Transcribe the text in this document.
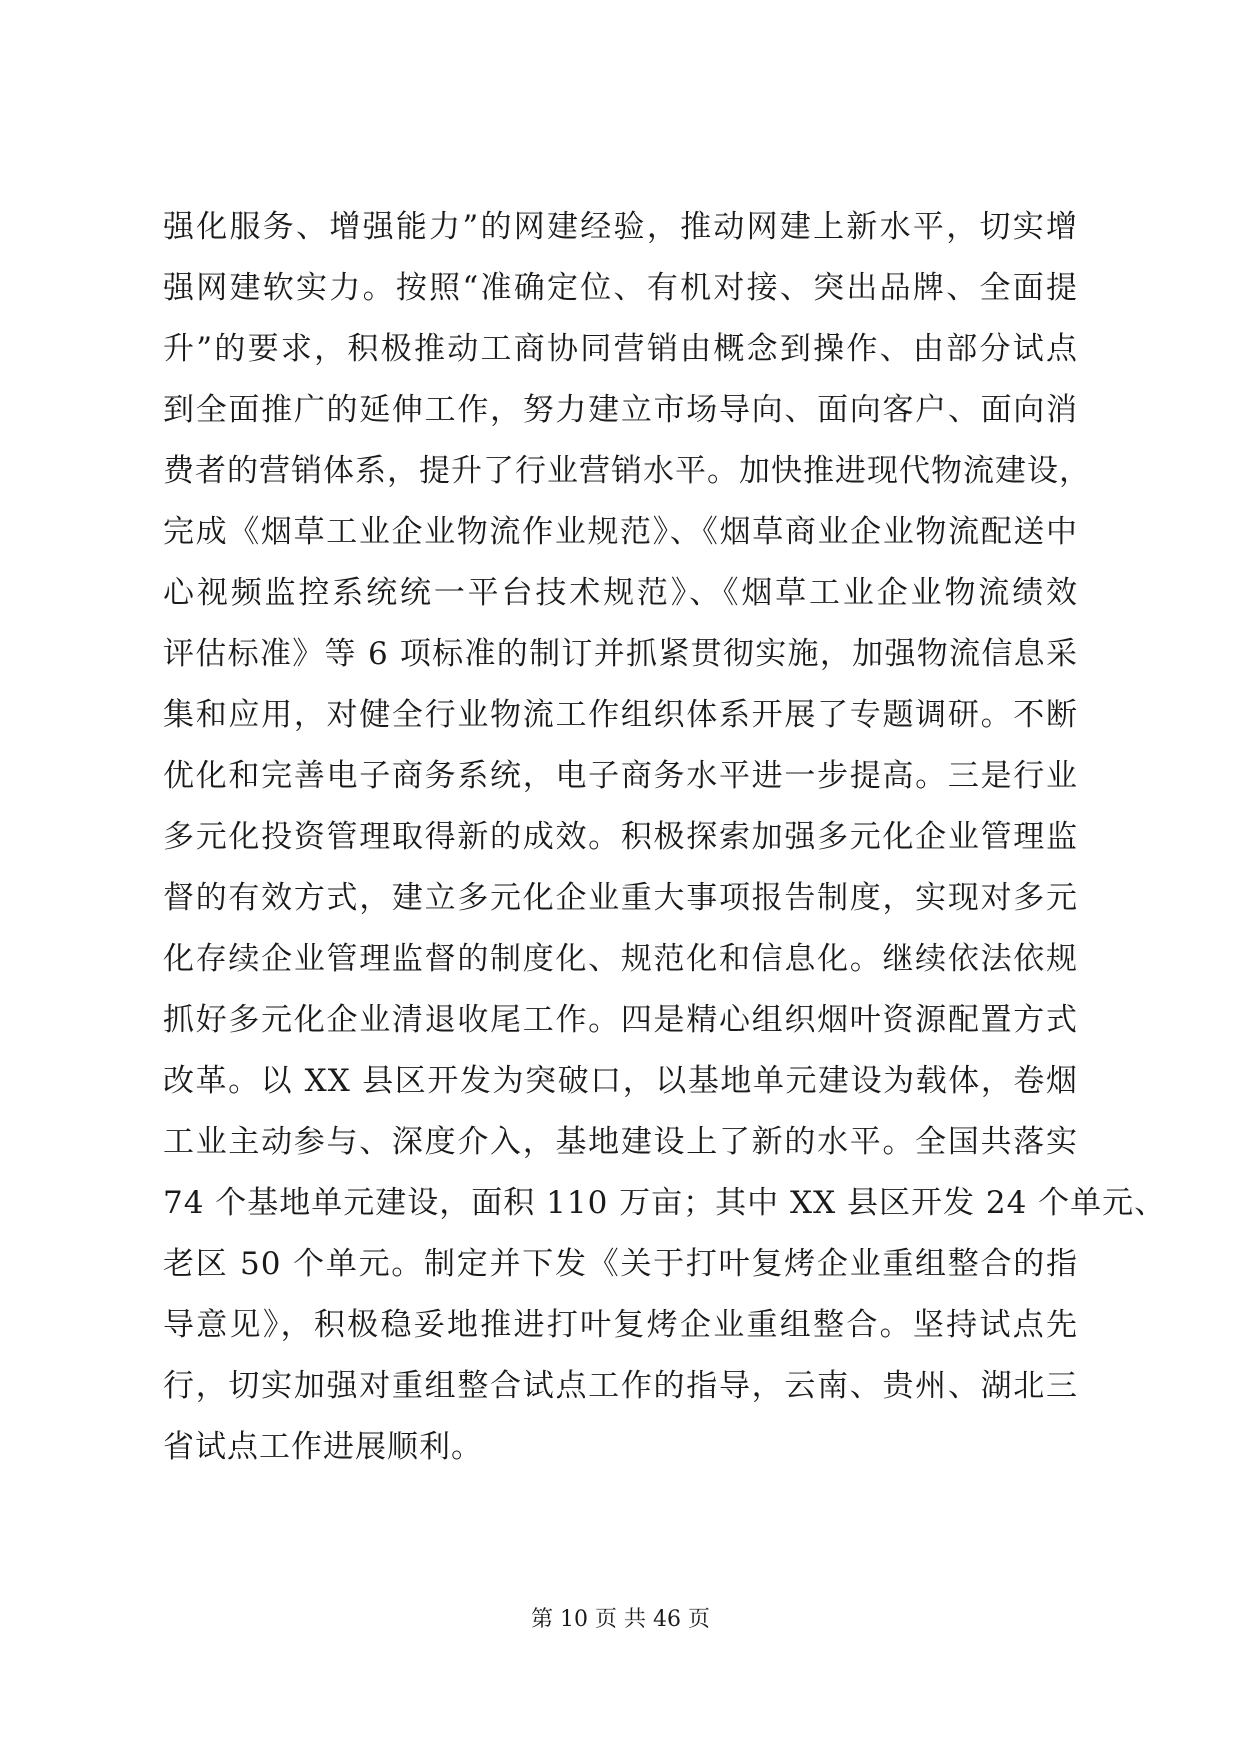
强化服务、增强能力”的网建经验，推动网建上新水平，切实增
强网建软实力。按照“准确定位、有机对接、突出品牌、全面提
升”的要求，积极推动工商协同营销由概念到操作、由部分试点
到全面推广的延伸工作，努力建立市场导向、面向客户、面向消
费者的营销体系，提升了行业营销水平。加快推进现代物流建设，
完成《烟草工业企业物流作业规范》、《烟草商业企业物流配送中
心视频监控系统统一平台技术规范》、《烟草工业企业物流绩效
评估标准》等 6 项标准的制订并抓紧贯彻实施，加强物流信息采
集和应用，对健全行业物流工作组织体系开展了专题调研。不断
优化和完善电子商务系统，电子商务水平进一步提高。三是行业
多元化投资管理取得新的成效。积极探索加强多元化企业管理监
督的有效方式，建立多元化企业重大事项报告制度，实现对多元
化存续企业管理监督的制度化、规范化和信息化。继续依法依规
抓好多元化企业清退收尾工作。四是精心组织烟叶资源配置方式
改革。以 XX 县区开发为突破口，以基地单元建设为载体，卷烟
工业主动参与、深度介入，基地建设上了新的水平。全国共落实
74 个基地单元建设，面积 110 万亩；其中 XX 县区开发 24 个单元、
老区 50 个单元。制定并下发《关于打叶复烤企业重组整合的指
导意见》，积极稳妥地推进打叶复烤企业重组整合。坚持试点先
行，切实加强对重组整合试点工作的指导，云南、贵州、湖北三
省试点工作进展顺利。
第 10 页 共 46 页
